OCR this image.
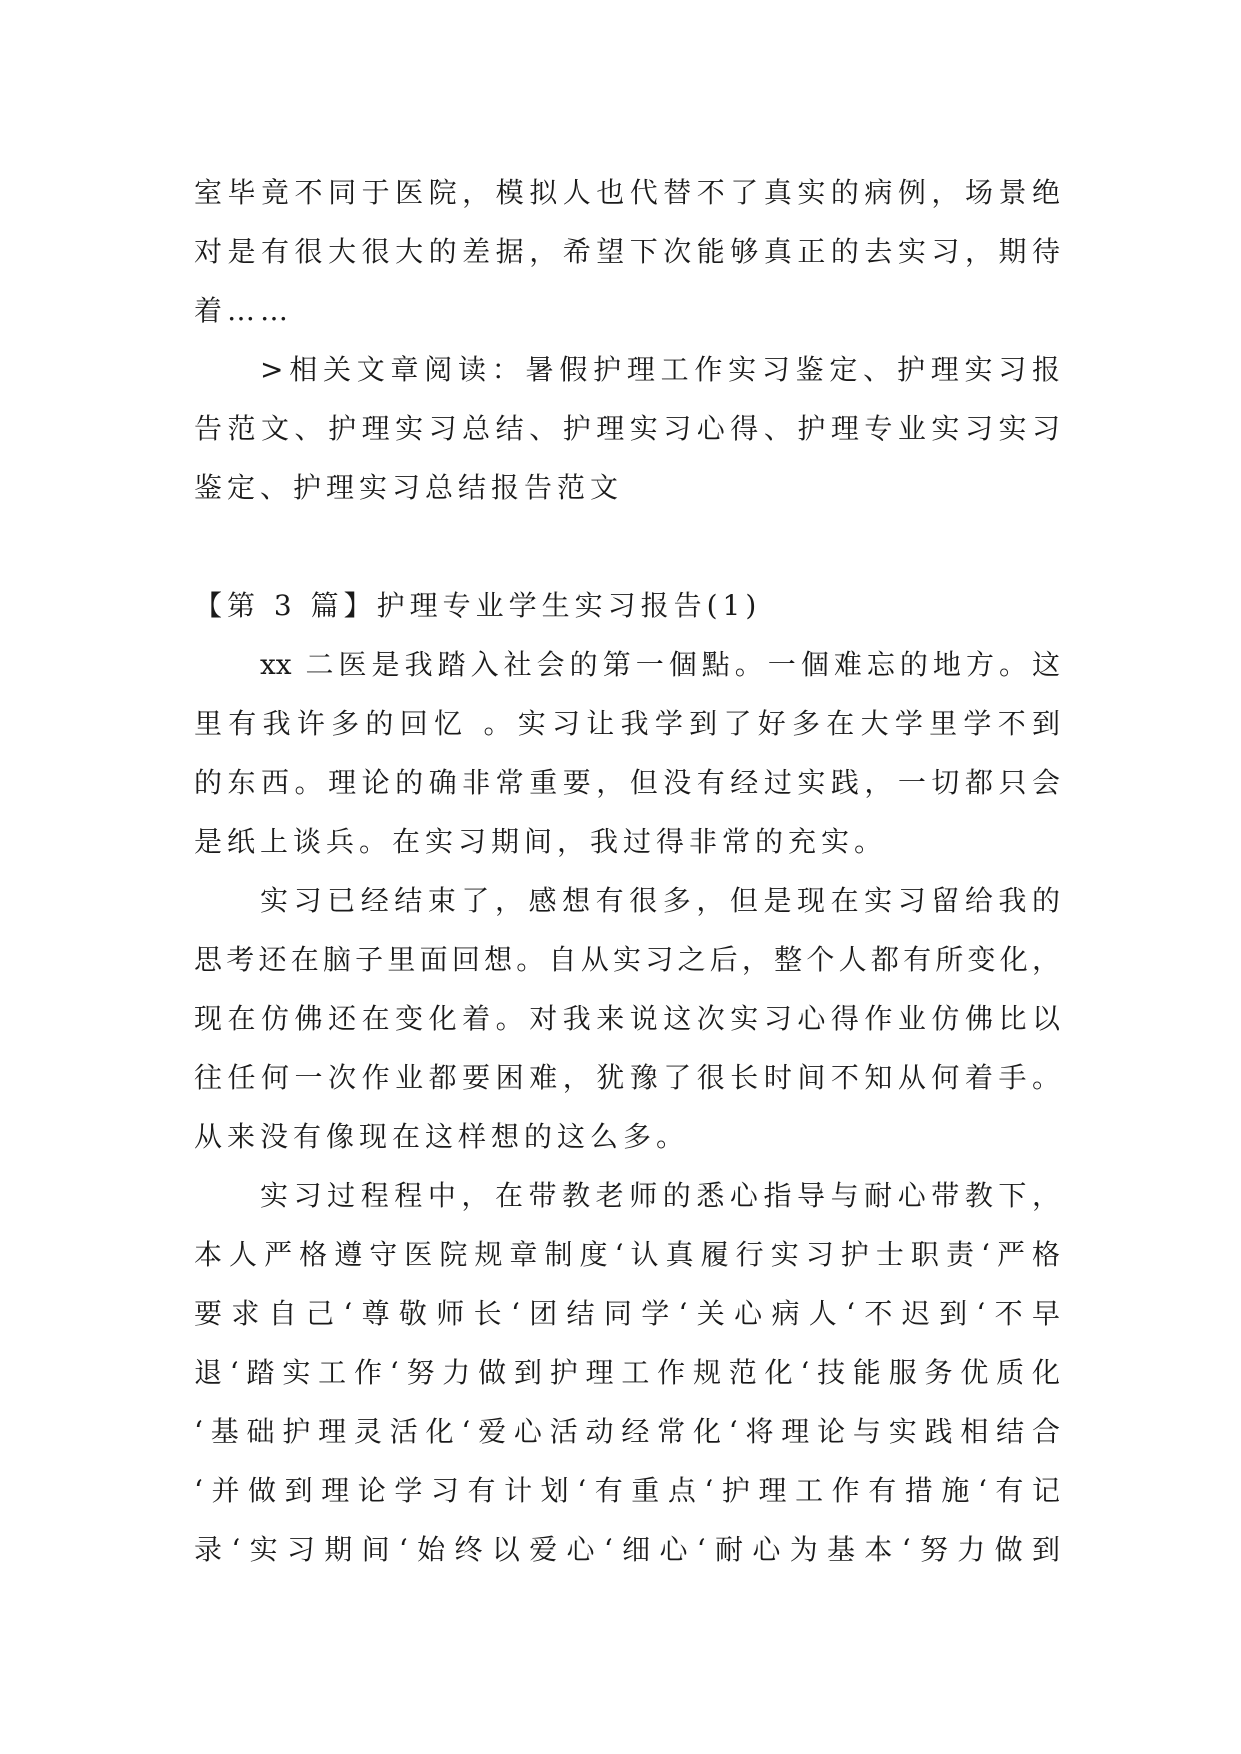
室毕竟不同于医院，模拟人也代替不了真实的病例，场景绝
对是有很大很大的差据，希望下次能够真正的去实习，期待
着……
>相关文章阅读：暑假护理工作实习鉴定、护理实习报
告范文、护理实习总结、护理实习心得、护理专业实习实习
鉴定、护理实习总结报告范文
【第 3 篇】护理专业学生实习报告(1)
xx 二医是我踏入社会的第一個點。一個难忘的地方。这
里有我许多的回忆 。实习让我学到了好多在大学里学不到
的东西。理论的确非常重要，但没有经过实践，一切都只会
是纸上谈兵。在实习期间，我过得非常的充实。
实习已经结束了，感想有很多，但是现在实习留给我的
思考还在脑子里面回想。自从实习之后，整个人都有所变化，
现在仿佛还在变化着。对我来说这次实习心得作业仿佛比以
往任何一次作业都要困难，犹豫了很长时间不知从何着手。
从来没有像现在这样想的这么多。
实习过程程中，在带教老师的悉心指导与耐心带教下，
本人严格遵守医院规章制度‘认真履行实习护士职责‘严格
要求自己‘尊敬师长‘团结同学‘关心病人‘不迟到‘不早
退‘踏实工作‘努力做到护理工作规范化‘技能服务优质化
‘基础护理灵活化‘爱心活动经常化‘将理论与实践相结合
‘并做到理论学习有计划‘有重点‘护理工作有措施‘有记
录‘实习期间‘始终以爱心‘细心‘耐心为基本‘努力做到
